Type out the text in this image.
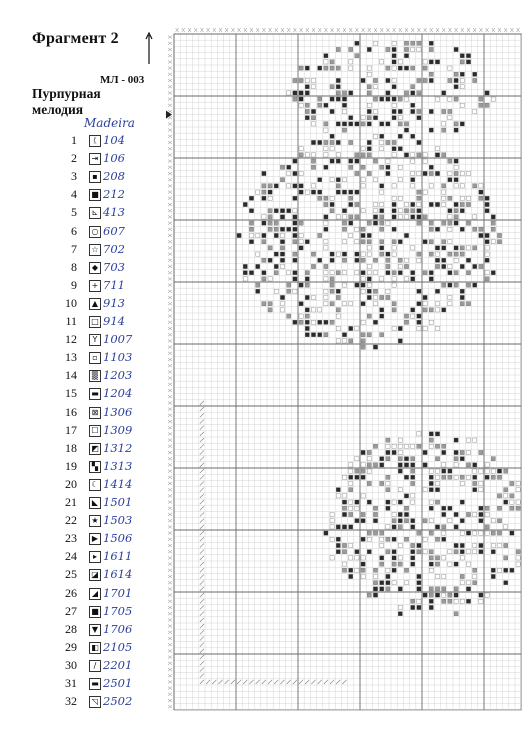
Фрагмент 2
МЛ - 003
Пурпурная мелодия
Madeira
1	ᛕ 104
2	⇥ 106
3	▪ 208
4 ■ 212
5	⊾ 413
6	○ 607
7	☆ 702
8	◆ 703
9	+ 711
10	▲ 913
11 □ 914
12	Y 1007
13	▫ 1103
14	▒ 1203
15 ▬ 1204
16	⊠ 1306
17	☐ 1309
18 ◩ 1312
19	▚ 1313
20	☾ 1414
21	◣ 1501
22	★ 1503
23	▶ 1506
24	▸ 1611
25 ◪ 1614
26	◢ 1701
27 ■ 1705
28	▼ 1706
29 ◧ 2105
30	∕ 2201
31 ▬ 2501
32	◹ 2502
